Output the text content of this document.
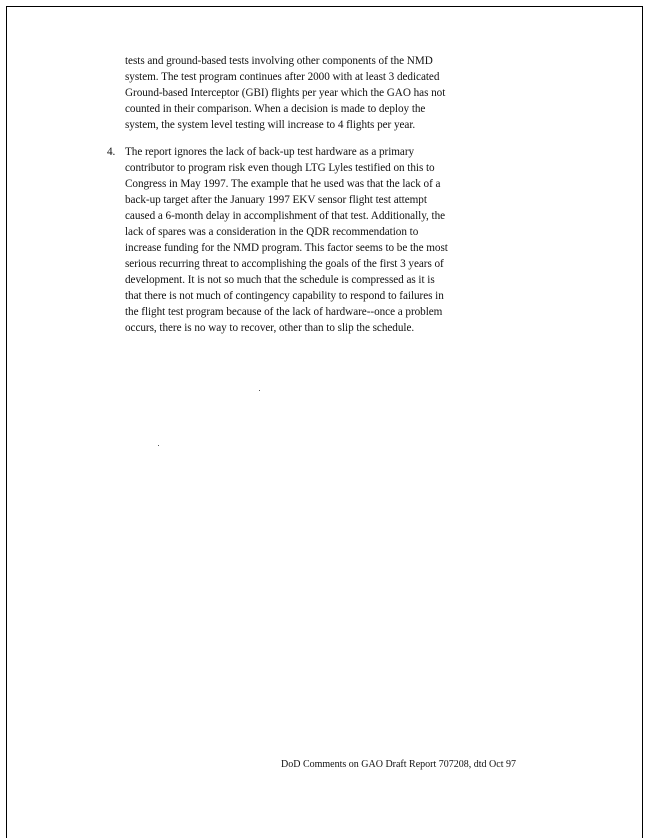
tests and ground-based tests involving other components of the NMD
system. The test program continues after 2000 with at least 3 dedicated
Ground-based Interceptor (GBI) flights per year which the GAO has not
counted in their comparison. When a decision is made to deploy the
system, the system level testing will increase to 4 flights per year.
4. The report ignores the lack of back-up test hardware as a primary
contributor to program risk even though LTG Lyles testified on this to
Congress in May 1997. The example that he used was that the lack of a
back-up target after the January 1997 EKV sensor flight test attempt
caused a 6-month delay in accomplishment of that test. Additionally, the
lack of spares was a consideration in the QDR recommendation to
increase funding for the NMD program. This factor seems to be the most
serious recurring threat to accomplishing the goals of the first 3 years of
development. It is not so much that the schedule is compressed as it is
that there is not much of contingency capability to respond to failures in
the flight test program because of the lack of hardware--once a problem
occurs, there is no way to recover, other than to slip the schedule.
DoD Comments on GAO Draft Report 707208, dtd Oct 97
